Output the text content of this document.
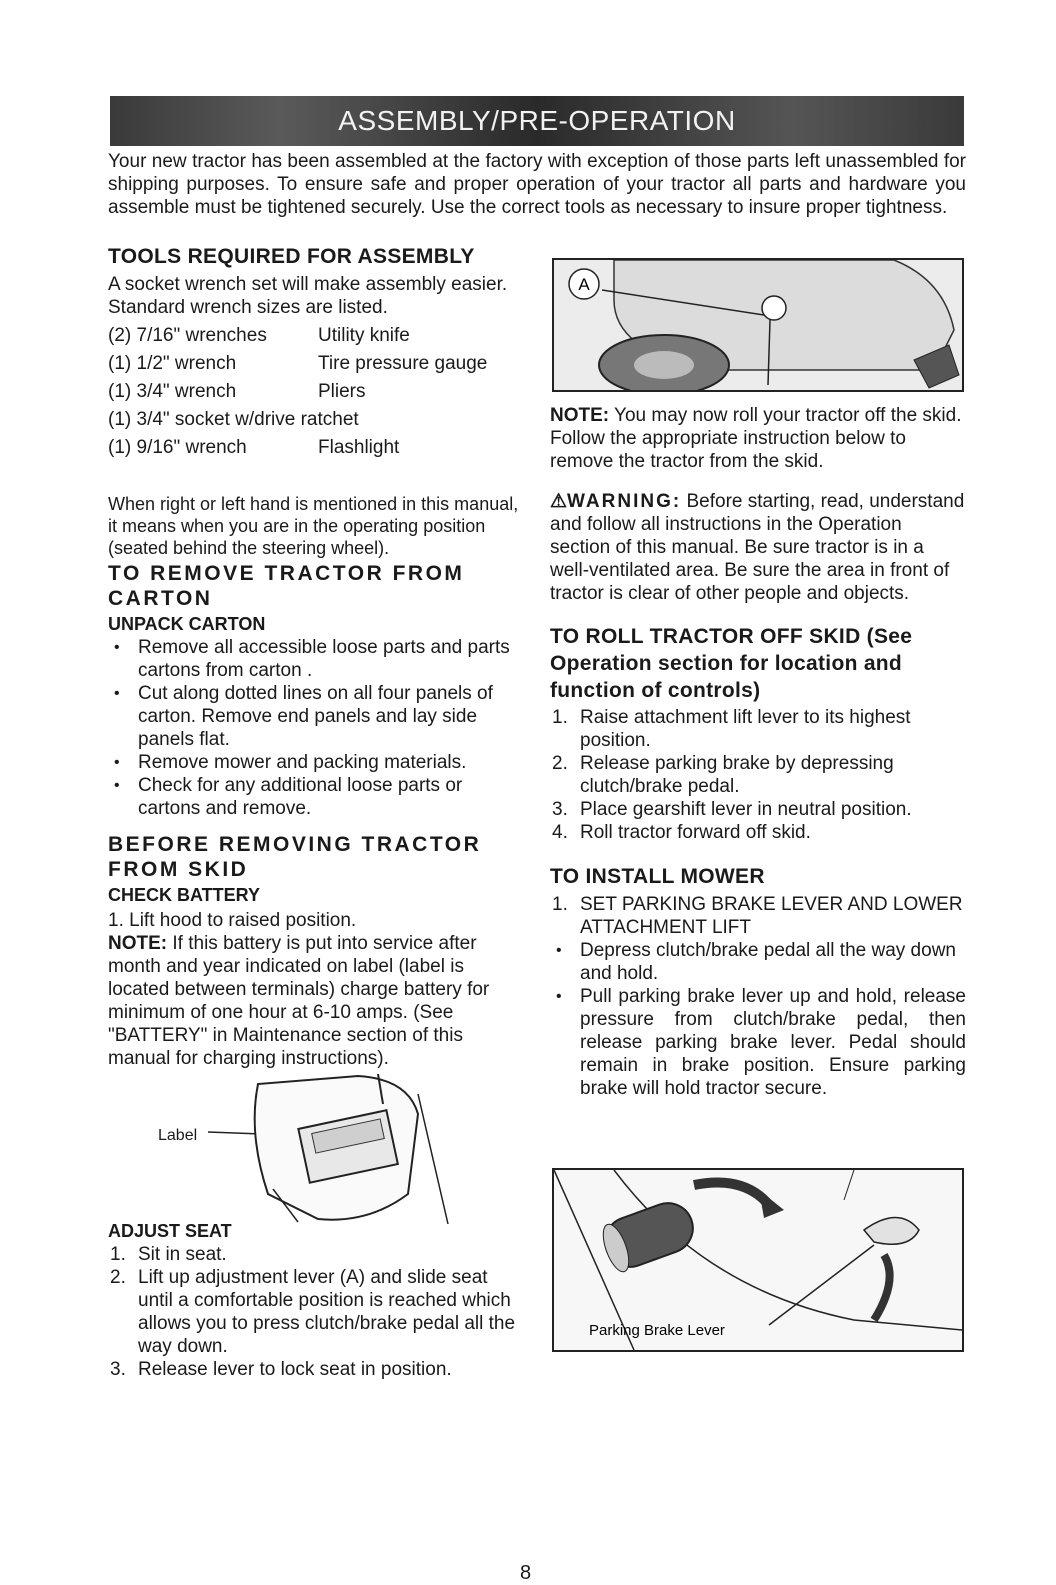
ASSEMBLY/PRE-OPERATION

Your new tractor has been assembled at the factory with exception of those parts left unassembled for shipping purposes. To ensure safe and proper operation of your tractor all parts and hardware you assemble must be tightened securely. Use the correct tools as necessary to insure proper tightness.

TOOLS REQUIRED FOR ASSEMBLY

A socket wrench set will make assembly easier. Standard wrench sizes are listed.

(2) 7/16" wrenches	Utility knife
(1) 1/2" wrench	Tire pressure gauge
(1) 3/4" wrench	Pliers
(1) 3/4" socket w/drive ratchet
(1) 9/16" wrench	Flashlight

When right or left hand is mentioned in this manual, it means when you are in the operating position (seated behind the steering wheel).

TO REMOVE TRACTOR FROM CARTON
UNPACK CARTON
• Remove all accessible loose parts and parts cartons from carton .
• Cut along dotted lines on all four panels of carton. Remove end panels and lay side panels flat.
• Remove mower and packing materials.
• Check for any additional loose parts or cartons and remove.
BEFORE REMOVING TRACTOR FROM SKID
CHECK BATTERY

1. Lift hood to raised position.

NOTE: If this battery is put into service after month and year indicated on label (label is located between terminals) charge battery for minimum of one hour at 6-10 amps. (See "BATTERY" in Maintenance section of this manual for charging instructions).

Label
ADJUST SEAT
1. Sit in seat.
2. Lift up adjustment lever (A) and slide seat until a comfortable position is reached which allows you to press clutch/brake pedal all the way down.
3. Release lever to lock seat in position.
A

NOTE: You may now roll your tractor off the skid. Follow the appropriate instruction below to remove the tractor from the skid.

⚠WARNING: Before starting, read, understand and follow all instructions in the Operation section of this manual. Be sure tractor is in a well-ventilated area. Be sure the area in front of tractor is clear of other people and objects.

TO ROLL TRACTOR OFF SKID (See Operation section for location and function of controls)
1. Raise attachment lift lever to its highest position.
2. Release parking brake by depressing clutch/brake pedal.
3. Place gearshift lever in neutral position.
4. Roll tractor forward off skid.
TO INSTALL MOWER
1. SET PARKING BRAKE LEVER AND LOWER ATTACHMENT LIFT
• Depress clutch/brake pedal all the way down and hold.
• Pull parking brake lever up and hold, release pressure from clutch/brake pedal, then release parking brake lever. Pedal should remain in brake position. Ensure parking brake will hold tractor secure.
Parking Brake Lever
8
